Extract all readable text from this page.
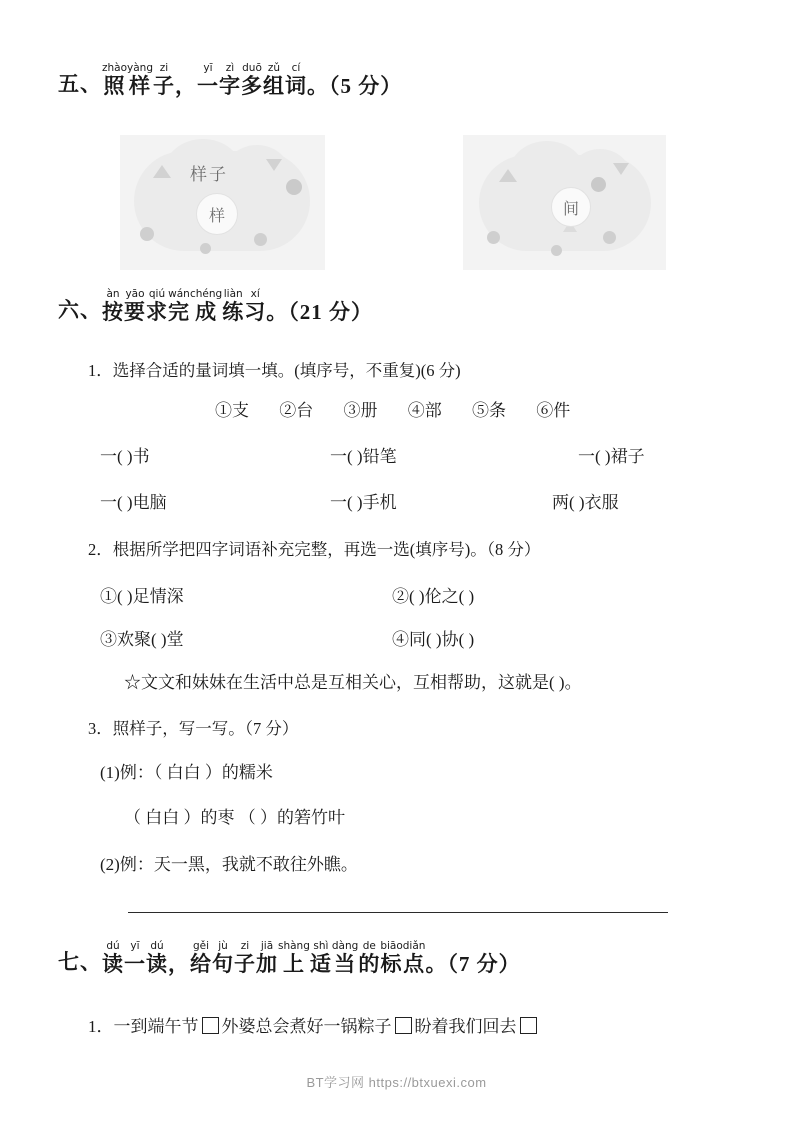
五、
zhào
照
yàng
样
zi
子 ，
yī
一
zì
字
duō
多
zǔ
组
cí
词 。（5 分）
样子
样	间
六、
àn
按
yāo
要
qiú
求
wán
完
chéng
成
liàn
练
xí
习 。（21 分）
1．选择合适的量词填一填。(填序号，不重复)(6 分)
①支 ②台 ③册 ④部 ⑤条 ⑥件
一( )书	一( )铅笔	一( )裙子
一( )电脑	一( )手机	两( )衣服
2．根据所学把四字词语补充完整，再选一选(填序号)。（8 分）
①( )足情深	②( )伦之( )
③欢聚( )堂	④同( )协( )
☆文文和妹妹在生活中总是互相关心，互相帮助，这就是( )。
3．照样子，写一写。（7 分）
(1)例：（ 白白 ）的糯米
（ 白白 ）的枣 （ ）的箬竹叶
(2)例：天一黑，我就不敢往外瞧。
七、
dú
读
yī
一
dú
读 ，
gěi
给
jù
句
zi
子
jiā
加
shàng
上
shì
适
dàng
当
de
的
biāo
标
diǎn
点 。（7 分）
1．一到端午节 外婆总会煮好一锅粽子 盼着我们回去
BT学习网 https://btxuexi.com
